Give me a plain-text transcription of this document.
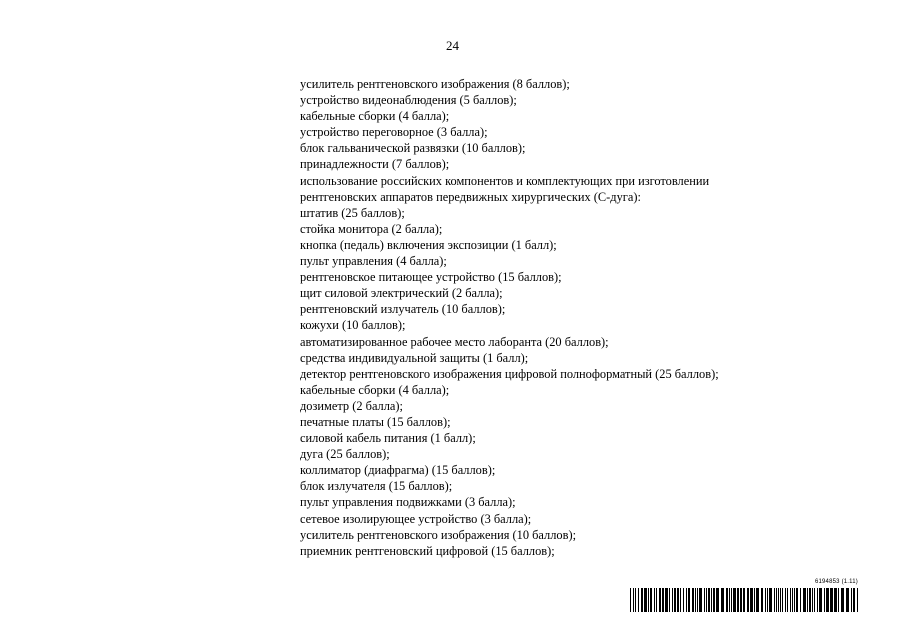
24
усилитель рентгеновского изображения (8 баллов);
устройство видеонаблюдения (5 баллов);
кабельные сборки (4 балла);
устройство переговорное (3 балла);
блок гальванической развязки (10 баллов);
принадлежности (7 баллов);
использование российских компонентов и комплектующих при изготовлении
рентгеновских аппаратов передвижных хирургических (С-дуга):
штатив (25 баллов);
стойка монитора (2 балла);
кнопка (педаль) включения экспозиции (1 балл);
пульт управления (4 балла);
рентгеновское питающее устройство (15 баллов);
щит силовой электрический (2 балла);
рентгеновский излучатель (10 баллов);
кожухи (10 баллов);
автоматизированное рабочее место лаборанта (20 баллов);
средства индивидуальной защиты (1 балл);
детектор рентгеновского изображения цифровой полноформатный (25 баллов);
кабельные сборки (4 балла);
дозиметр (2 балла);
печатные платы (15 баллов);
силовой кабель питания (1 балл);
дуга (25 баллов);
коллиматор (диафрагма) (15 баллов);
блок излучателя (15 баллов);
пульт управления подвижками (3 балла);
сетевое изолирующее устройство (3 балла);
усилитель рентгеновского изображения (10 баллов);
приемник рентгеновский цифровой (15 баллов);
6194853 (1.11)
